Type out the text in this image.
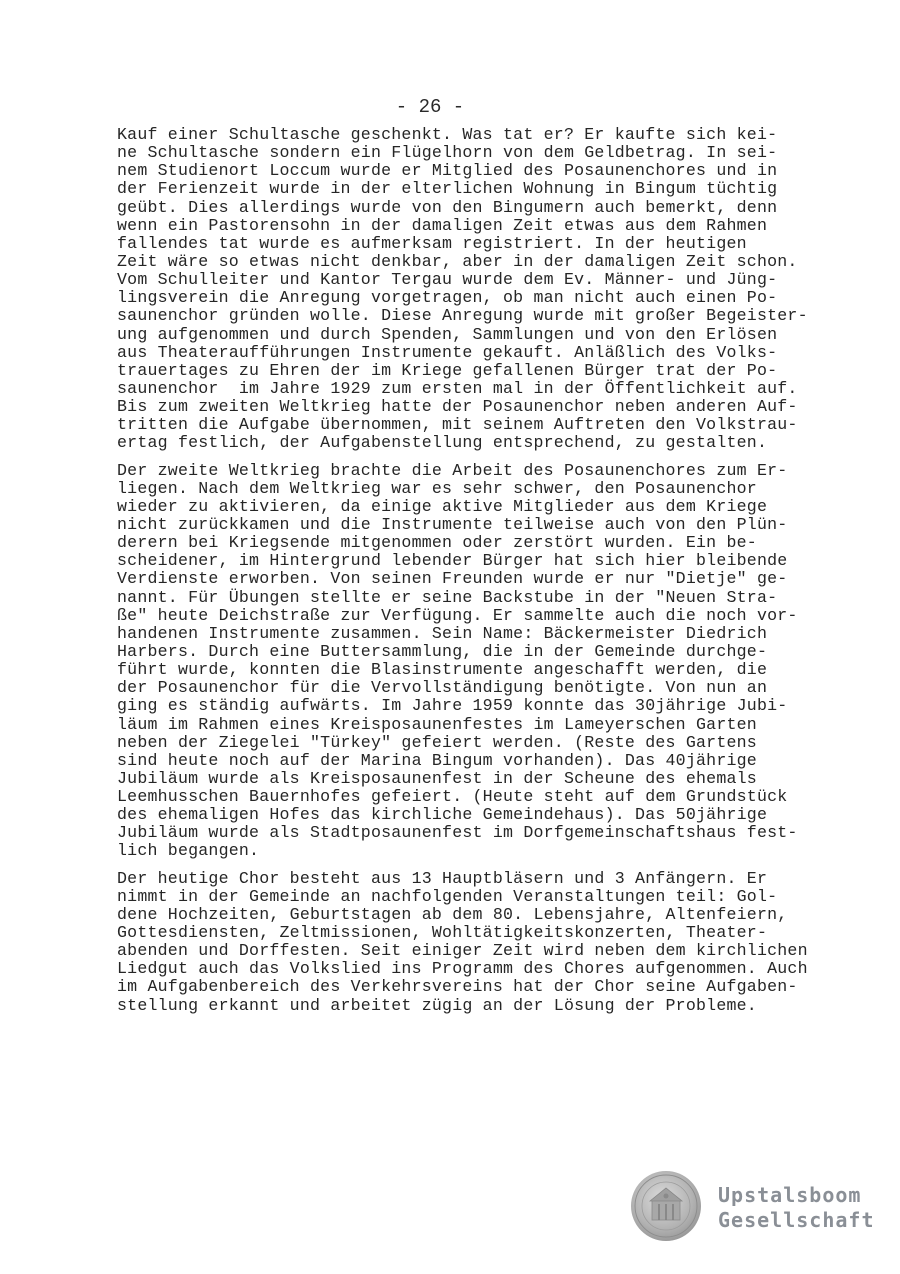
- 26 -
Kauf einer Schultasche geschenkt. Was tat er? Er kaufte sich kei-
ne Schultasche sondern ein Flügelhorn von dem Geldbetrag. In sei-
nem Studienort Loccum wurde er Mitglied des Posaunenchores und in
der Ferienzeit wurde in der elterlichen Wohnung in Bingum tüchtig
geübt. Dies allerdings wurde von den Bingumern auch bemerkt, denn
wenn ein Pastorensohn in der damaligen Zeit etwas aus dem Rahmen
fallendes tat wurde es aufmerksam registriert. In der heutigen
Zeit wäre so etwas nicht denkbar, aber in der damaligen Zeit schon.
Vom Schulleiter und Kantor Tergau wurde dem Ev. Männer- und Jüng-
lingsverein die Anregung vorgetragen, ob man nicht auch einen Po-
saunenchor gründen wolle. Diese Anregung wurde mit großer Begeister-
ung aufgenommen und durch Spenden, Sammlungen und von den Erlösen
aus Theateraufführungen Instrumente gekauft. Anläßlich des Volks-
trauertages zu Ehren der im Kriege gefallenen Bürger trat der Po-
saunenchor  im Jahre 1929 zum ersten mal in der Öffentlichkeit auf.
Bis zum zweiten Weltkrieg hatte der Posaunenchor neben anderen Auf-
tritten die Aufgabe übernommen, mit seinem Auftreten den Volkstrau-
ertag festlich, der Aufgabenstellung entsprechend, zu gestalten.
Der zweite Weltkrieg brachte die Arbeit des Posaunenchores zum Er-
liegen. Nach dem Weltkrieg war es sehr schwer, den Posaunenchor
wieder zu aktivieren, da einige aktive Mitglieder aus dem Kriege
nicht zurückkamen und die Instrumente teilweise auch von den Plün-
derern bei Kriegsende mitgenommen oder zerstört wurden. Ein be-
scheidener, im Hintergrund lebender Bürger hat sich hier bleibende
Verdienste erworben. Von seinen Freunden wurde er nur "Dietje" ge-
nannt. Für Übungen stellte er seine Backstube in der "Neuen Stra-
ße" heute Deichstraße zur Verfügung. Er sammelte auch die noch vor-
handenen Instrumente zusammen. Sein Name: Bäckermeister Diedrich
Harbers. Durch eine Buttersammlung, die in der Gemeinde durchge-
führt wurde, konnten die Blasinstrumente angeschafft werden, die
der Posaunenchor für die Vervollständigung benötigte. Von nun an
ging es ständig aufwärts. Im Jahre 1959 konnte das 30jährige Jubi-
läum im Rahmen eines Kreisposaunenfestes im Lameyerschen Garten
neben der Ziegelei "Türkey" gefeiert werden. (Reste des Gartens
sind heute noch auf der Marina Bingum vorhanden). Das 40jährige
Jubiläum wurde als Kreisposaunenfest in der Scheune des ehemals
Leemhusschen Bauernhofes gefeiert. (Heute steht auf dem Grundstück
des ehemaligen Hofes das kirchliche Gemeindehaus). Das 50jährige
Jubiläum wurde als Stadtposaunenfest im Dorfgemeinschaftshaus fest-
lich begangen.
Der heutige Chor besteht aus 13 Hauptbläsern und 3 Anfängern. Er
nimmt in der Gemeinde an nachfolgenden Veranstaltungen teil: Gol-
dene Hochzeiten, Geburtstagen ab dem 80. Lebensjahre, Altenfeiern,
Gottesdiensten, Zeltmissionen, Wohltätigkeitskonzerten, Theater-
abenden und Dorffesten. Seit einiger Zeit wird neben dem kirchlichen
Liedgut auch das Volkslied ins Programm des Chores aufgenommen. Auch
im Aufgabenbereich des Verkehrsvereins hat der Chor seine Aufgaben-
stellung erkannt und arbeitet zügig an der Lösung der Probleme.
Upstalsboom
Gesellschaft
